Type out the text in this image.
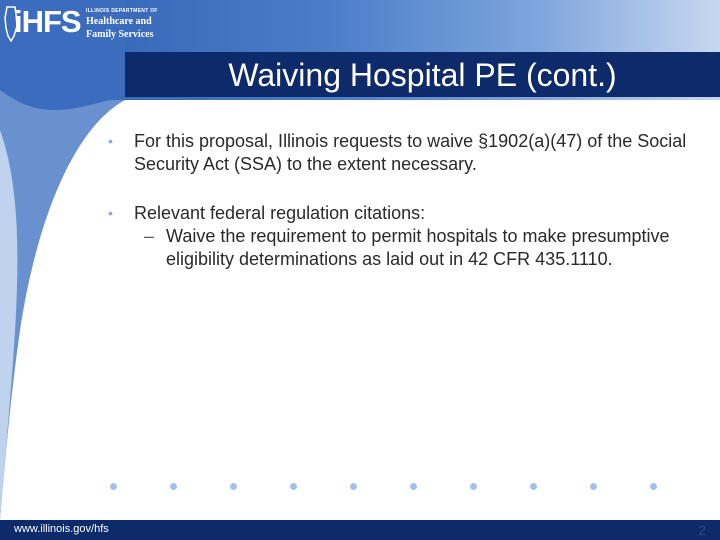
iHFS ILLINOIS DEPARTMENT OF
Healthcare and
Family Services
Waiving Hospital PE (cont.)
• For this proposal, Illinois requests to waive §1902(a)(47) of the Social Security Act (SSA) to the extent necessary.
• Relevant federal regulation citations:
– Waive the requirement to permit hospitals to make presumptive eligibility determinations as laid out in 42 CFR 435.1110.
www.illinois.gov/hfs	2
